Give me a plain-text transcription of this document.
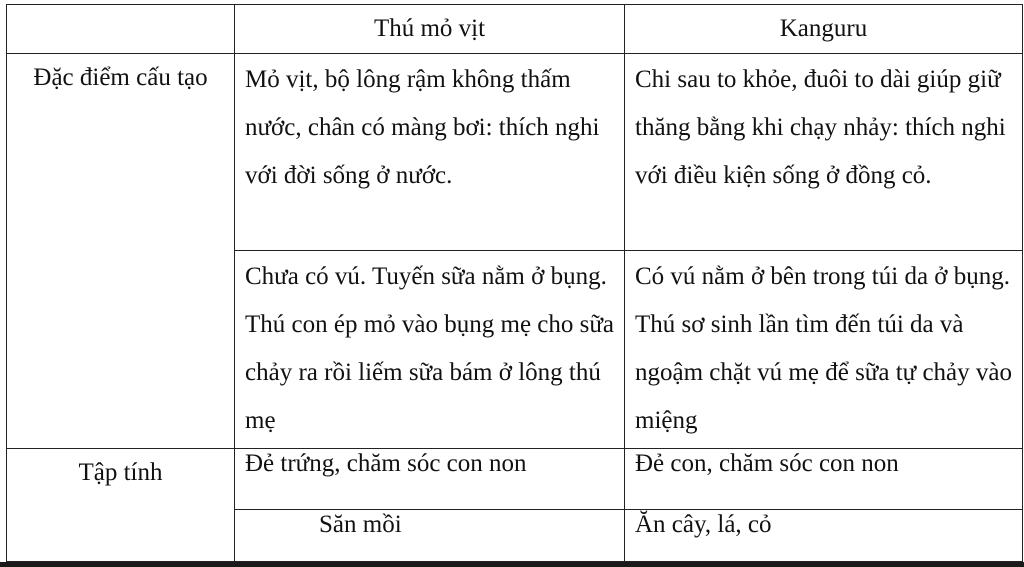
	Thú mỏ vịt	Kanguru
Đặc điểm cấu tạo	Mỏ vịt, bộ lông rậm không thấm nước, chân có màng bơi: thích nghi với đời sống ở nước.	Chi sau to khỏe, đuôi to dài giúp giữ thăng bằng khi chạy nhảy: thích nghi với điều kiện sống ở đồng cỏ.

	Chưa có vú. Tuyến sữa nằm ở bụng. Thú con ép mỏ vào bụng mẹ cho sữa chảy ra rồi liếm sữa bám ở lông thú mẹ	Có vú nằm ở bên trong túi da ở bụng. Thú sơ sinh lần tìm đến túi da và ngoậm chặt vú mẹ để sữa tự chảy vào miệng

Tập tính	Đẻ trứng, chăm sóc con non	Đẻ con, chăm sóc con non

	Săn mồi	Ăn cây, lá, cỏ
